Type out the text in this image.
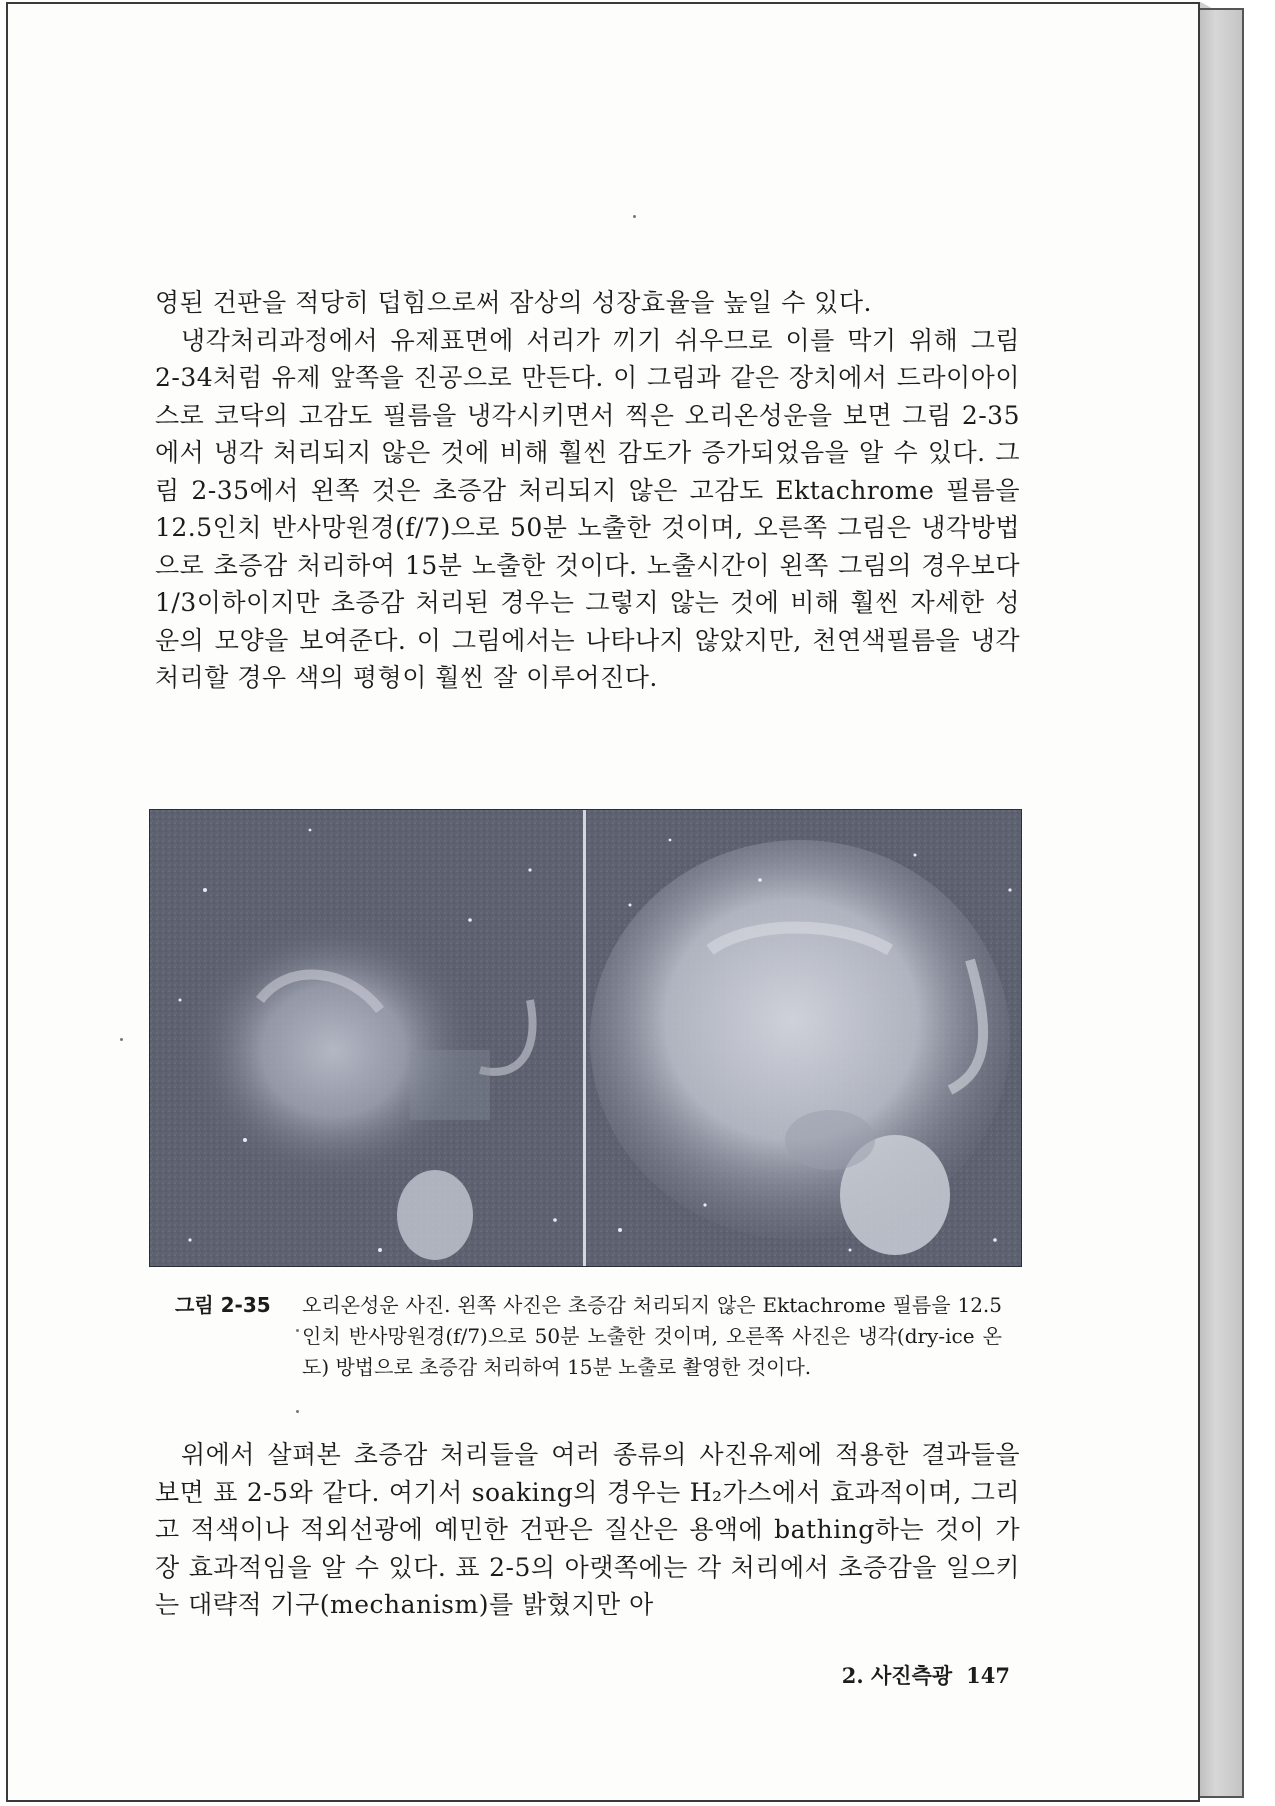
영된 건판을 적당히 덥힘으로써 잠상의 성장효율을 높일 수 있다.

냉각처리과정에서 유제표면에 서리가 끼기 쉬우므로 이를 막기 위해 그림 2-34처럼 유제 앞쪽을 진공으로 만든다. 이 그림과 같은 장치에서 드라이아이스로 코닥의 고감도 필름을 냉각시키면서 찍은 오리온성운을 보면 그림 2-35에서 냉각 처리되지 않은 것에 비해 훨씬 감도가 증가되었음을 알 수 있다. 그림 2-35에서 왼쪽 것은 초증감 처리되지 않은 고감도 Ektachrome 필름을 12.5인치 반사망원경(f/7)으로 50분 노출한 것이며, 오른쪽 그림은 냉각방법으로 초증감 처리하여 15분 노출한 것이다. 노출시간이 왼쪽 그림의 경우보다 1/3이하이지만 초증감 처리된 경우는 그렇지 않는 것에 비해 훨씬 자세한 성운의 모양을 보여준다. 이 그림에서는 나타나지 않았지만, 천연색필름을 냉각 처리할 경우 색의 평형이 훨씬 잘 이루어진다.

그림 2-35 오리온성운 사진. 왼쪽 사진은 초증감 처리되지 않은 Ektachrome 필름을 12.5인치 반사망원경(f/7)으로 50분 노출한 것이며, 오른쪽 사진은 냉각(dry-ice 온도) 방법으로 초증감 처리하여 15분 노출로 촬영한 것이다.

위에서 살펴본 초증감 처리들을 여러 종류의 사진유제에 적용한 결과들을 보면 표 2-5와 같다. 여기서 soaking의 경우는 H₂가스에서 효과적이며, 그리고 적색이나 적외선광에 예민한 건판은 질산은 용액에 bathing하는 것이 가장 효과적임을 알 수 있다. 표 2-5의 아랫쪽에는 각 처리에서 초증감을 일으키는 대략적 기구(mechanism)를 밝혔지만 아

2. 사진측광 147
